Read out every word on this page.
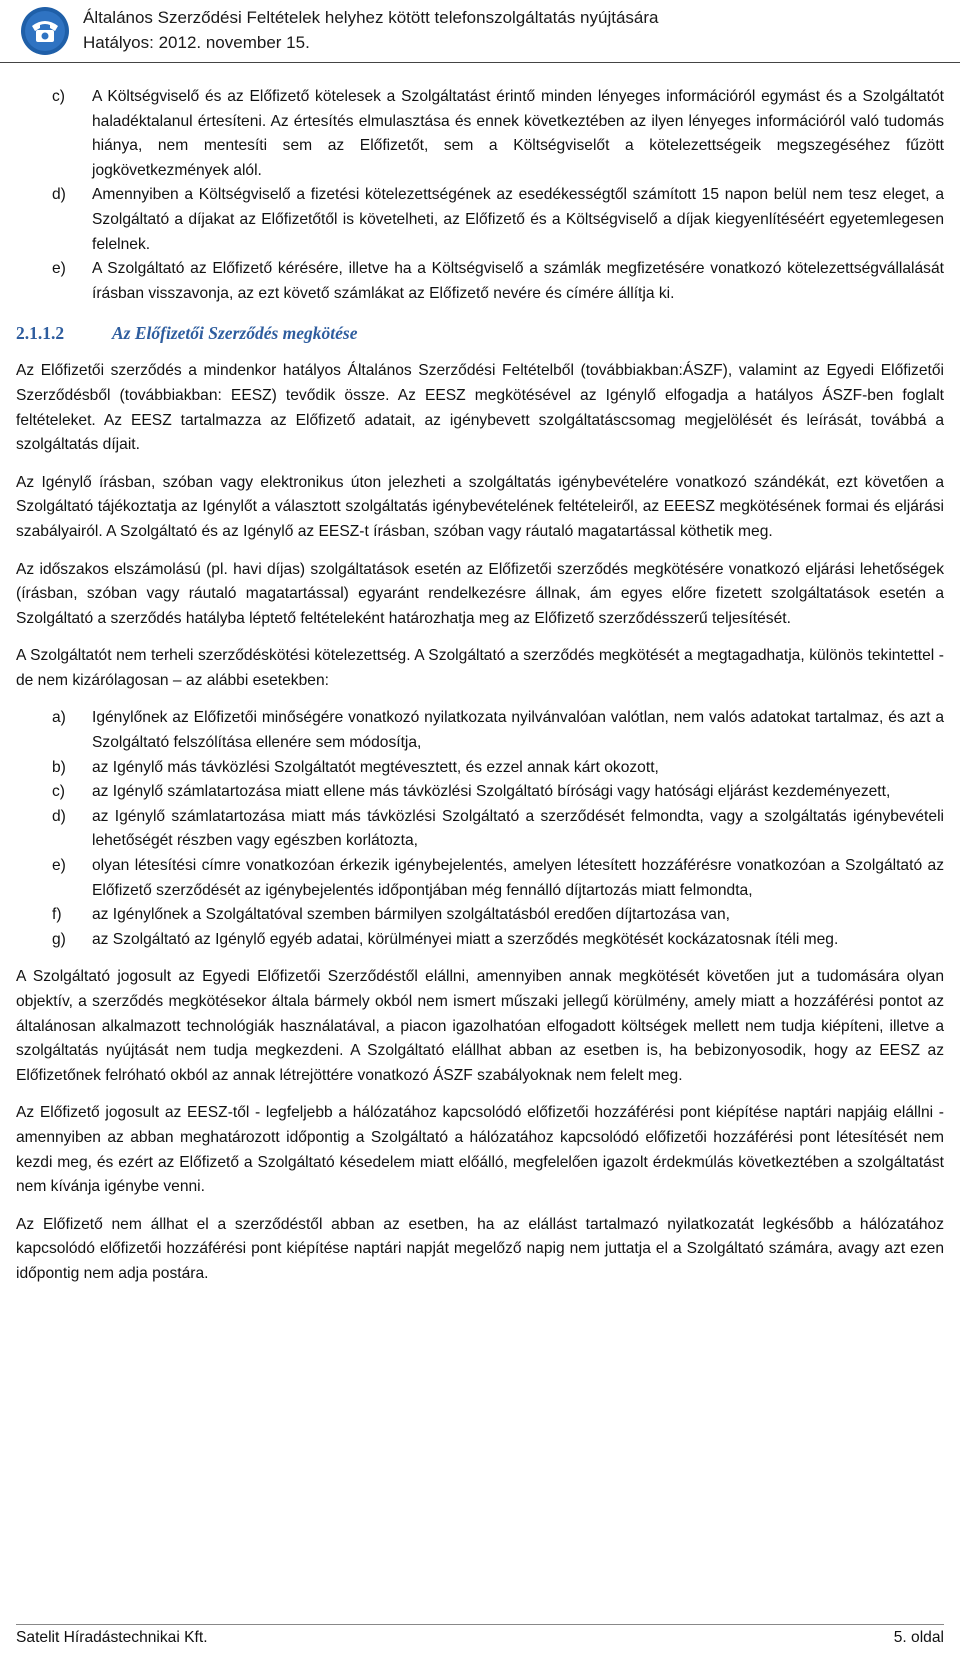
Általános Szerződési Feltételek helyhez kötött telefonszolgáltatás nyújtására
Hatályos: 2012. november 15.
c)	A Költségviselő és az Előfizető kötelesek a Szolgáltatást érintő minden lényeges információról egymást és a Szolgáltatót haladéktalanul értesíteni. Az értesítés elmulasztása és ennek következtében az ilyen lényeges információról való tudomás hiánya, nem mentesíti sem az Előfizetőt, sem a Költségviselőt a kötelezettségeik megszegéséhez fűzött jogkövetkezmények alól.
d)	Amennyiben a Költségviselő a fizetési kötelezettségének az esedékességtől számított 15 napon belül nem tesz eleget, a Szolgáltató a díjakat az Előfizetőtől is követelheti, az Előfizető és a Költségviselő a díjak kiegyenlítéséért egyetemlegesen felelnek.
e)	A Szolgáltató az Előfizető kérésére, illetve ha a Költségviselő a számlák megfizetésére vonatkozó kötelezettségvállalását írásban visszavonja, az ezt követő számlákat az Előfizető nevére és címére állítja ki.
2.1.1.2	Az Előfizetői Szerződés megkötése

Az Előfizetői szerződés a mindenkor hatályos Általános Szerződési Feltételből (továbbiakban:ÁSZF), valamint az Egyedi Előfizetői Szerződésből (továbbiakban: EESZ) tevődik össze. Az EESZ megkötésével az Igénylő elfogadja a hatályos ÁSZF-ben foglalt feltételeket. Az EESZ tartalmazza az Előfizető adatait, az igénybevett szolgáltatáscsomag megjelölését és leírását, továbbá a szolgáltatás díjait.

Az Igénylő írásban, szóban vagy elektronikus úton jelezheti a szolgáltatás igénybevételére vonatkozó szándékát, ezt követően a Szolgáltató tájékoztatja az Igénylőt a választott szolgáltatás igénybevételének feltételeiről, az EEESZ megkötésének formai és eljárási szabályairól. A Szolgáltató és az Igénylő az EESZ-t írásban, szóban vagy ráutaló magatartással köthetik meg.

Az időszakos elszámolású (pl. havi díjas) szolgáltatások esetén az Előfizetői szerződés megkötésére vonatkozó eljárási lehetőségek (írásban, szóban vagy ráutaló magatartással) egyaránt rendelkezésre állnak, ám egyes előre fizetett szolgáltatások esetén a Szolgáltató a szerződés hatályba léptető feltételeként határozhatja meg az Előfizető szerződésszerű teljesítését.

A Szolgáltatót nem terheli szerződéskötési kötelezettség. A Szolgáltató a szerződés megkötését a megtagadhatja, különös tekintettel - de nem kizárólagosan – az alábbi esetekben:

a)	Igénylőnek az Előfizetői minőségére vonatkozó nyilatkozata nyilvánvalóan valótlan, nem valós adatokat tartalmaz, és azt a Szolgáltató felszólítása ellenére sem módosítja,
b)	az Igénylő más távközlési Szolgáltatót megtévesztett, és ezzel annak kárt okozott,
c)	az Igénylő számlatartozása miatt ellene más távközlési Szolgáltató bírósági vagy hatósági eljárást kezdeményezett,
d)	az Igénylő számlatartozása miatt más távközlési Szolgáltató a szerződését felmondta, vagy a szolgáltatás igénybevételi lehetőségét részben vagy egészben korlátozta,
e)	olyan létesítési címre vonatkozóan érkezik igénybejelentés, amelyen létesített hozzáférésre vonatkozóan a Szolgáltató az Előfizető szerződését az igénybejelentés időpontjában még fennálló díjtartozás miatt felmondta,
f)	az Igénylőnek a Szolgáltatóval szemben bármilyen szolgáltatásból eredően díjtartozása van,
g)	az Szolgáltató az Igénylő egyéb adatai, körülményei miatt a szerződés megkötését kockázatosnak ítéli meg.

A Szolgáltató jogosult az Egyedi Előfizetői Szerződéstől elállni, amennyiben annak megkötését követően jut a tudomására olyan objektív, a szerződés megkötésekor általa bármely okból nem ismert műszaki jellegű körülmény, amely miatt a hozzáférési pontot az általánosan alkalmazott technológiák használatával, a piacon igazolhatóan elfogadott költségek mellett nem tudja kiépíteni, illetve a szolgáltatás nyújtását nem tudja megkezdeni. A Szolgáltató elállhat abban az esetben is, ha bebizonyosodik, hogy az EESZ az Előfizetőnek felróható okból az annak létrejöttére vonatkozó ÁSZF szabályoknak nem felelt meg.

Az Előfizető jogosult az EESZ-től - legfeljebb a hálózatához kapcsolódó előfizetői hozzáférési pont kiépítése naptári napjáig elállni - amennyiben az abban meghatározott időpontig a Szolgáltató a hálózatához kapcsolódó előfizetői hozzáférési pont létesítését nem kezdi meg, és ezért az Előfizető a Szolgáltató késedelem miatt előálló, megfelelően igazolt érdekmúlás következtében a szolgáltatást nem kívánja igénybe venni.

Az Előfizető nem állhat el a szerződéstől abban az esetben, ha az elállást tartalmazó nyilatkozatát legkésőbb a hálózatához kapcsolódó előfizetői hozzáférési pont kiépítése naptári napját megelőző napig nem juttatja el a Szolgáltató számára, avagy azt ezen időpontig nem adja postára.

Satelit Híradástechnikai Kft.	5. oldal
